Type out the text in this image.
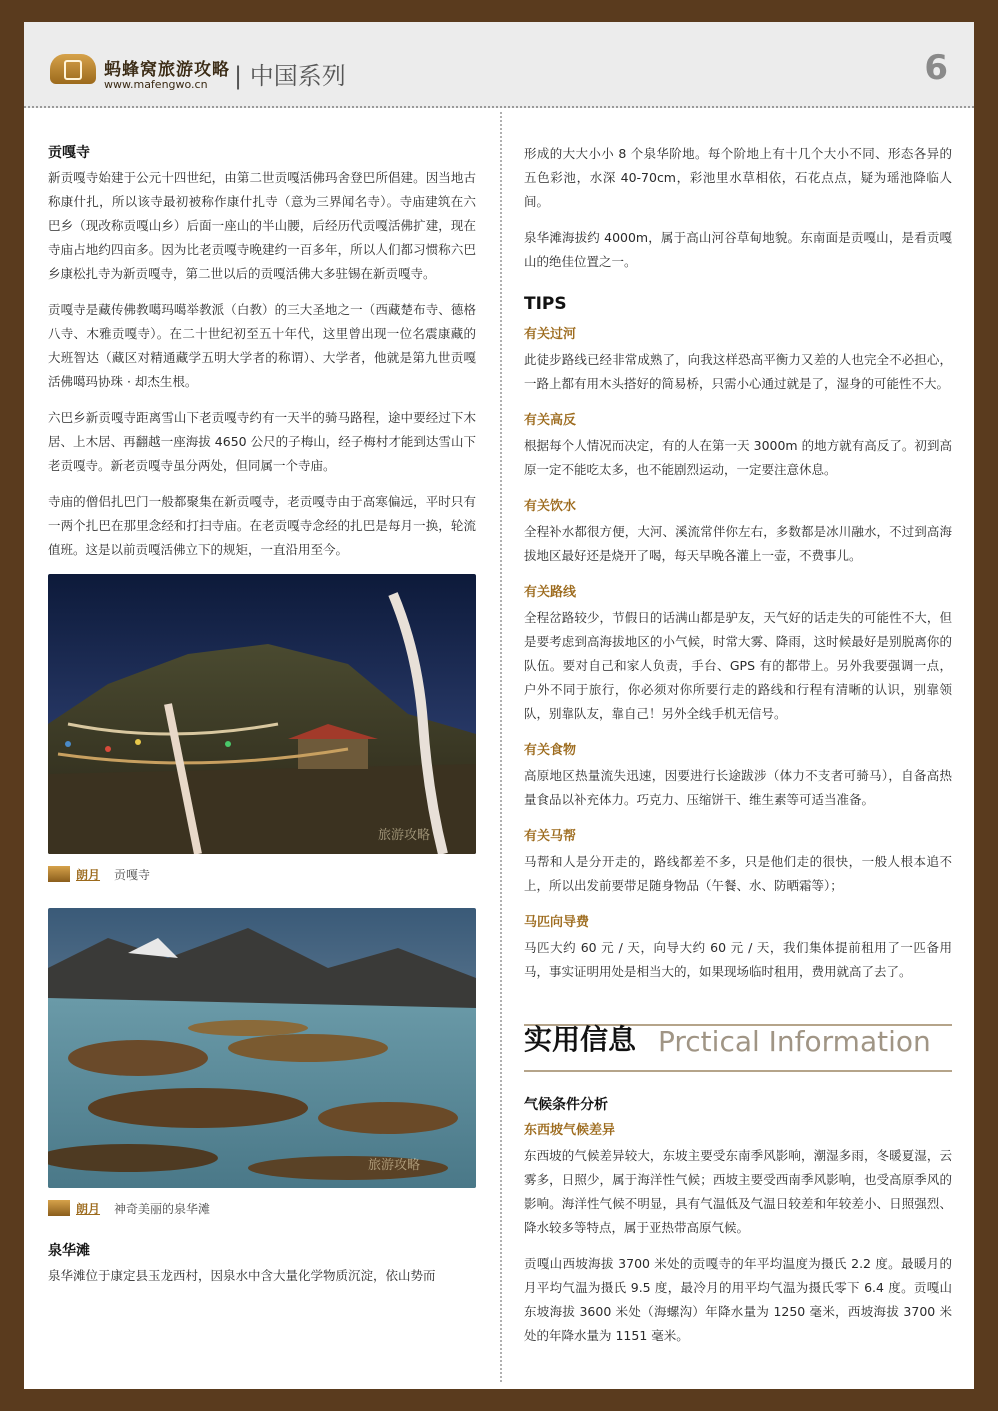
蚂蜂窝旅游攻略
www.mafengwo.cn | 中国系列	6
贡嘎寺

新贡嘎寺始建于公元十四世纪，由第二世贡嘎活佛玛舍登巴所倡建。因当地古称康什扎，所以该寺最初被称作康什扎寺（意为三界闻名寺）。寺庙建筑在六巴乡（现改称贡嘎山乡）后面一座山的半山腰，后经历代贡嘎活佛扩建，现在寺庙占地约四亩多。因为比老贡嘎寺晚建约一百多年，所以人们都习惯称六巴乡康松扎寺为新贡嘎寺，第二世以后的贡嘎活佛大多驻锡在新贡嘎寺。

贡嘎寺是藏传佛教噶玛噶举教派（白教）的三大圣地之一（西藏楚布寺、德格八寺、木雅贡嘎寺）。在二十世纪初至五十年代，这里曾出现一位名震康藏的大班智达（藏区对精通藏学五明大学者的称谓）、大学者，他就是第九世贡嘎活佛噶玛协珠 · 却杰生根。

六巴乡新贡嘎寺距离雪山下老贡嘎寺约有一天半的骑马路程，途中要经过下木居、上木居、再翻越一座海拔 4650 公尺的子梅山，经子梅村才能到达雪山下老贡嘎寺。新老贡嘎寺虽分两处，但同属一个寺庙。

寺庙的僧侣扎巴门一般都聚集在新贡嘎寺，老贡嘎寺由于高寒偏远，平时只有一两个扎巴在那里念经和打扫寺庙。在老贡嘎寺念经的扎巴是每月一换，轮流值班。这是以前贡嘎活佛立下的规矩，一直沿用至今。

旅游攻略
朗月 贡嘎寺
旅游攻略
朗月 神奇美丽的泉华滩
泉华滩

泉华滩位于康定县玉龙西村，因泉水中含大量化学物质沉淀，依山势而

形成的大大小小 8 个泉华阶地。每个阶地上有十几个大小不同、形态各异的五色彩池，水深 40-70cm，彩池里水草相依，石花点点，疑为瑶池降临人间。

泉华滩海拔约 4000m，属于高山河谷草甸地貌。东南面是贡嘎山，是看贡嘎山的绝佳位置之一。

TIPS
有关过河

此徒步路线已经非常成熟了，向我这样恐高平衡力又差的人也完全不必担心，一路上都有用木头搭好的简易桥，只需小心通过就是了，湿身的可能性不大。

有关高反

根据每个人情况而决定，有的人在第一天 3000m 的地方就有高反了。初到高原一定不能吃太多，也不能剧烈运动，一定要注意休息。

有关饮水

全程补水都很方便，大河、溪流常伴你左右，多数都是冰川融水，不过到高海拔地区最好还是烧开了喝，每天早晚各灌上一壶，不费事儿。

有关路线

全程岔路较少，节假日的话满山都是驴友，天气好的话走失的可能性不大，但是要考虑到高海拔地区的小气候，时常大雾、降雨，这时候最好是别脱离你的队伍。要对自己和家人负责，手台、GPS 有的都带上。另外我要强调一点，户外不同于旅行，你必须对你所要行走的路线和行程有清晰的认识，别靠领队，别靠队友，靠自己！另外全线手机无信号。

有关食物

高原地区热量流失迅速，因要进行长途跋涉（体力不支者可骑马），自备高热量食品以补充体力。巧克力、压缩饼干、维生素等可适当准备。

有关马帮

马帮和人是分开走的，路线都差不多，只是他们走的很快，一般人根本追不上，所以出发前要带足随身物品（午餐、水、防晒霜等）；

马匹向导费

马匹大约 60 元 / 天，向导大约 60 元 / 天，我们集体提前租用了一匹备用马，事实证明用处是相当大的，如果现场临时租用，费用就高了去了。

实用信息 Prctical Information
气候条件分析
东西坡气候差异

东西坡的气候差异较大，东坡主要受东南季风影响，潮湿多雨，冬暖夏湿，云雾多，日照少，属于海洋性气候；西坡主要受西南季风影响，也受高原季风的影响。海洋性气候不明显，具有气温低及气温日较差和年较差小、日照强烈、降水较多等特点，属于亚热带高原气候。

贡嘎山西坡海拔 3700 米处的贡嘎寺的年平均温度为摄氏 2.2 度。最暖月的月平均气温为摄氏 9.5 度，最冷月的用平均气温为摄氏零下 6.4 度。贡嘎山东坡海拔 3600 米处（海螺沟）年降水量为 1250 毫米，西坡海拔 3700 米处的年降水量为 1151 毫米。
